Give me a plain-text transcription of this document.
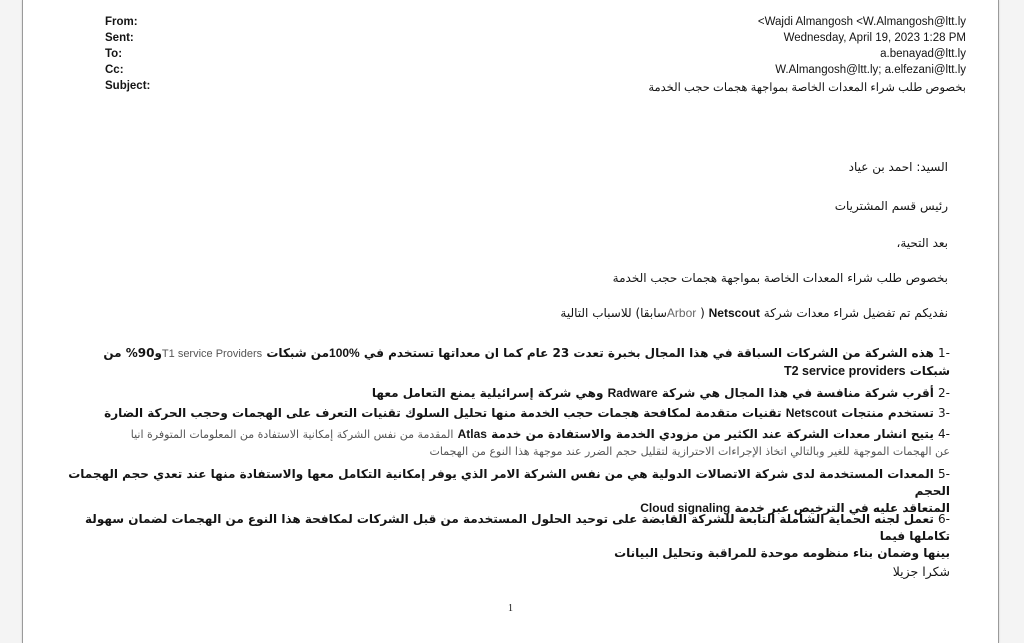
From:	<Wajdi Almangosh <W.Almangosh@ltt.ly
Sent:	Wednesday, April 19, 2023 1:28 PM
To:	a.benayad@ltt.ly
Cc:	W.Almangosh@ltt.ly; a.elfezani@ltt.ly
Subject:	بخصوص طلب شراء المعدات الخاصة بمواجهة هجمات حجب الخدمة
السيد: احمد بن عياد
رئيس قسم المشتريات
بعد التحية،
بخصوص طلب شراء المعدات الخاصة بمواجهة هجمات حجب الخدمة
نفديكم تم تفضيل شراء معدات شركة Netscout ( Arborسابقا) للاسباب التالية
-1 هذه الشركة من الشركات السباقة في هذا المجال بخبرة تعدت 23 عام كما ان معداتها تستخدم في 100%من شبكات T1 service Providersو90% من
شبكات T2 service providers
-2 أقرب شركة منافسة في هذا المجال هي شركة Radware وهي شركة إسرائيلية يمنع التعامل معها
-3 تستخدم منتجات Netscout تقنيات متقدمة لمكافحة هجمات حجب الخدمة منها تحليل السلوك تقنيات التعرف على الهجمات وحجب الحركة الضارة
-4 يتيح انشار معدات الشركة عند الكثير من مزودي الخدمة والاستفادة من خدمة Atlas المقدمة من نفس الشركة إمكانية الاستفادة من المعلومات المتوفرة انيا
عن الهجمات الموجهة للغير وبالتالي اتخاذ الإجراءات الاحترازية لتقليل حجم الضرر عند موجهة هذا النوع من الهجمات
-5 المعدات المستخدمة لدى شركة الاتصالات الدولية هي من نفس الشركة الامر الذي يوفر إمكانية التكامل معها والاستفادة منها عند تعدي حجم الهجمات الحجم
المتعاقد عليه في الترخيص عبر خدمة Cloud signaling
-6 تعمل لجنه الحماية الشاملة التابعة للشركة القابضة على توحيد الحلول المستخدمة من قبل الشركات لمكافحة هذا النوع من الهجمات لضمان سهولة تكاملها فيما
بينها وضمان بناء منظومه موحدة للمراقبة وتحليل البيانات
شكرا جزيلا
1
